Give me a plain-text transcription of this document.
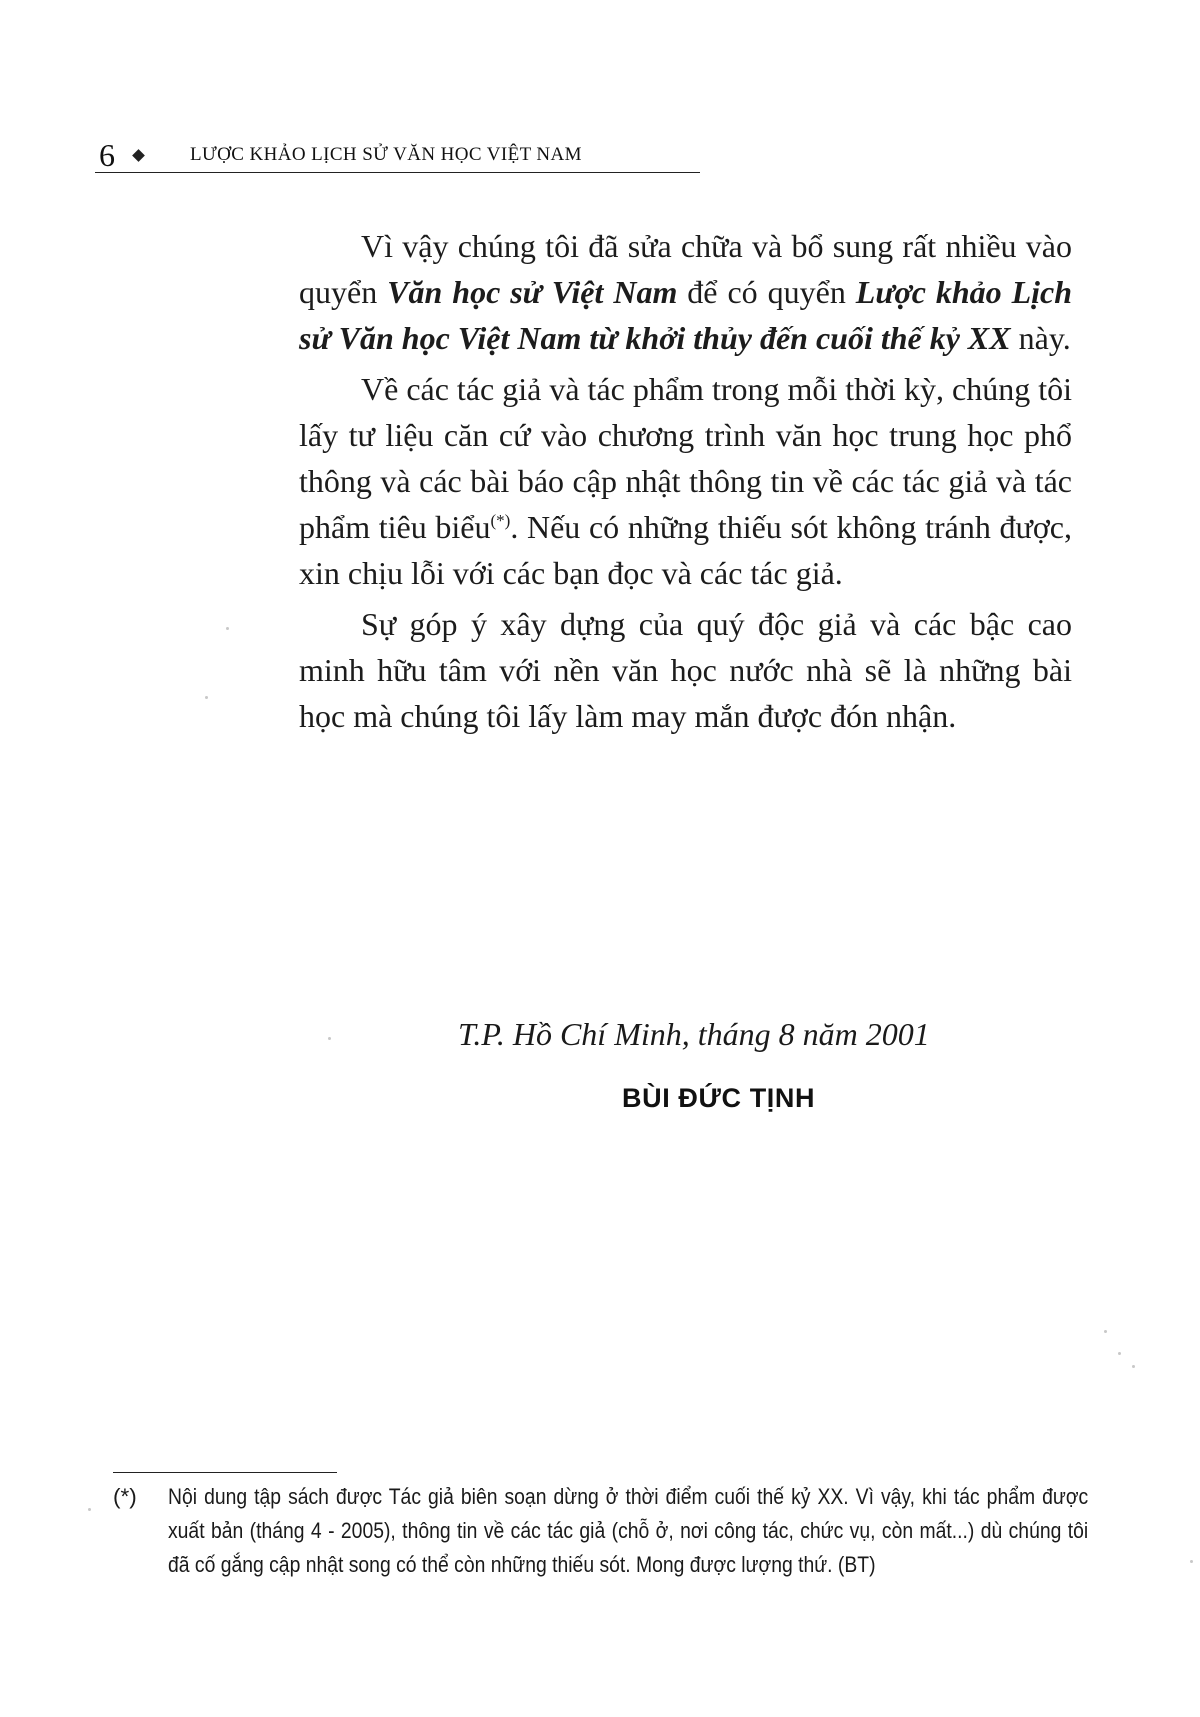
6	LƯỢC KHẢO LỊCH SỬ VĂN HỌC VIỆT NAM

Vì vậy chúng tôi đã sửa chữa và bổ sung rất nhiều vào quyển Văn học sử Việt Nam để có quyển Lược khảo Lịch sử Văn học Việt Nam từ khởi thủy đến cuối thế kỷ XX này.

Về các tác giả và tác phẩm trong mỗi thời kỳ, chúng tôi lấy tư liệu căn cứ vào chương trình văn học trung học phổ thông và các bài báo cập nhật thông tin về các tác giả và tác phẩm tiêu biểu(*). Nếu có những thiếu sót không tránh được, xin chịu lỗi với các bạn đọc và các tác giả.

Sự góp ý xây dựng của quý độc giả và các bậc cao minh hữu tâm với nền văn học nước nhà sẽ là những bài học mà chúng tôi lấy làm may mắn được đón nhận.

T.P. Hồ Chí Minh, tháng 8 năm 2001
BÙI ĐỨC TỊNH
(*) Nội dung tập sách được Tác giả biên soạn dừng ở thời điểm cuối thế kỷ XX. Vì vậy, khi tác phẩm được xuất bản (tháng 4 - 2005), thông tin về các tác giả (chỗ ở, nơi công tác, chức vụ, còn mất...) dù chúng tôi đã cố gắng cập nhật song có thể còn những thiếu sót. Mong được lượng thứ. (BT)
